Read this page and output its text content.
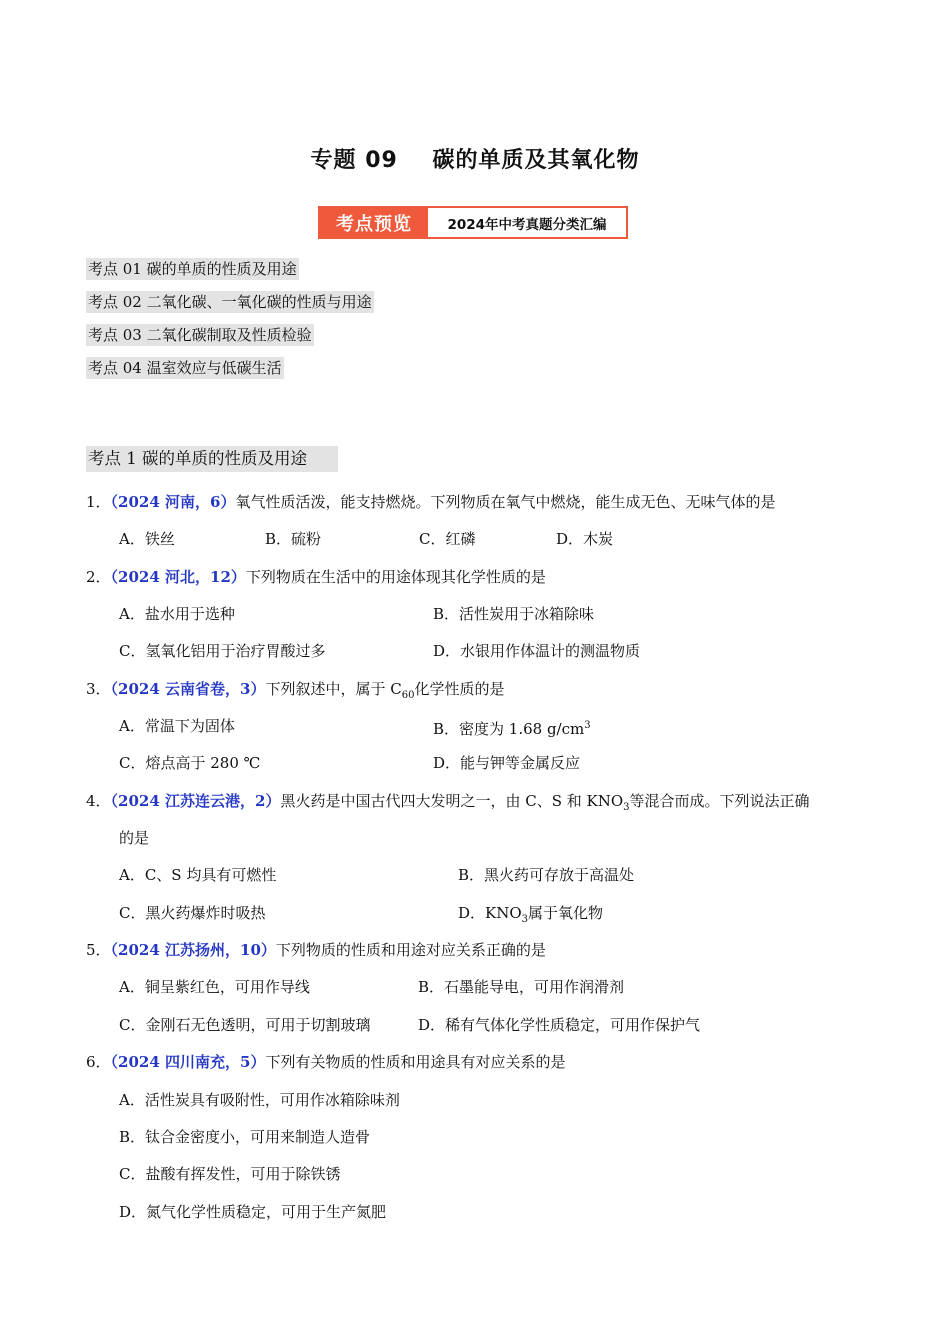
专题 09    碳的单质及其氧化物
考点预览	2024年中考真题分类汇编
考点 01 碳的单质的性质及用途
考点 02 二氧化碳、一氧化碳的性质与用途
考点 03 二氧化碳制取及性质检验
考点 04 温室效应与低碳生活
考点 1 碳的单质的性质及用途
1．（2024 河南，6）氧气性质活泼，能支持燃烧。下列物质在氧气中燃烧，能生成无色、无味气体的是
A．铁丝	B．硫粉	C．红磷	D．木炭
2．（2024 河北，12）下列物质在生活中的用途体现其化学性质的是
A．盐水用于选种	B．活性炭用于冰箱除味
C．氢氧化铝用于治疗胃酸过多	D．水银用作体温计的测温物质
3．（2024 云南省卷，3）下列叙述中，属于 $C_{60}$化学性质的是
A．常温下为固体	B．密度为 1.68 $g/cm^3$
C．熔点高于 280 ℃	D．能与钾等金属反应
4．（2024 江苏连云港，2）黑火药是中国古代四大发明之一，由 C、S 和 $KNO_3$等混合而成。下列说法正确
的是
A．C、S 均具有可燃性	B．黑火药可存放于高温处
C．黑火药爆炸时吸热	D．$KNO_3$属于氧化物
5．（2024 江苏扬州，10）下列物质的性质和用途对应关系正确的是
A．铜呈紫红色，可用作导线	B．石墨能导电，可用作润滑剂
C．金刚石无色透明，可用于切割玻璃	D．稀有气体化学性质稳定，可用作保护气
6．（2024 四川南充，5）下列有关物质的性质和用途具有对应关系的是
A．活性炭具有吸附性，可用作冰箱除味剂
B．钛合金密度小，可用来制造人造骨
C．盐酸有挥发性，可用于除铁锈
D．氮气化学性质稳定，可用于生产氮肥
